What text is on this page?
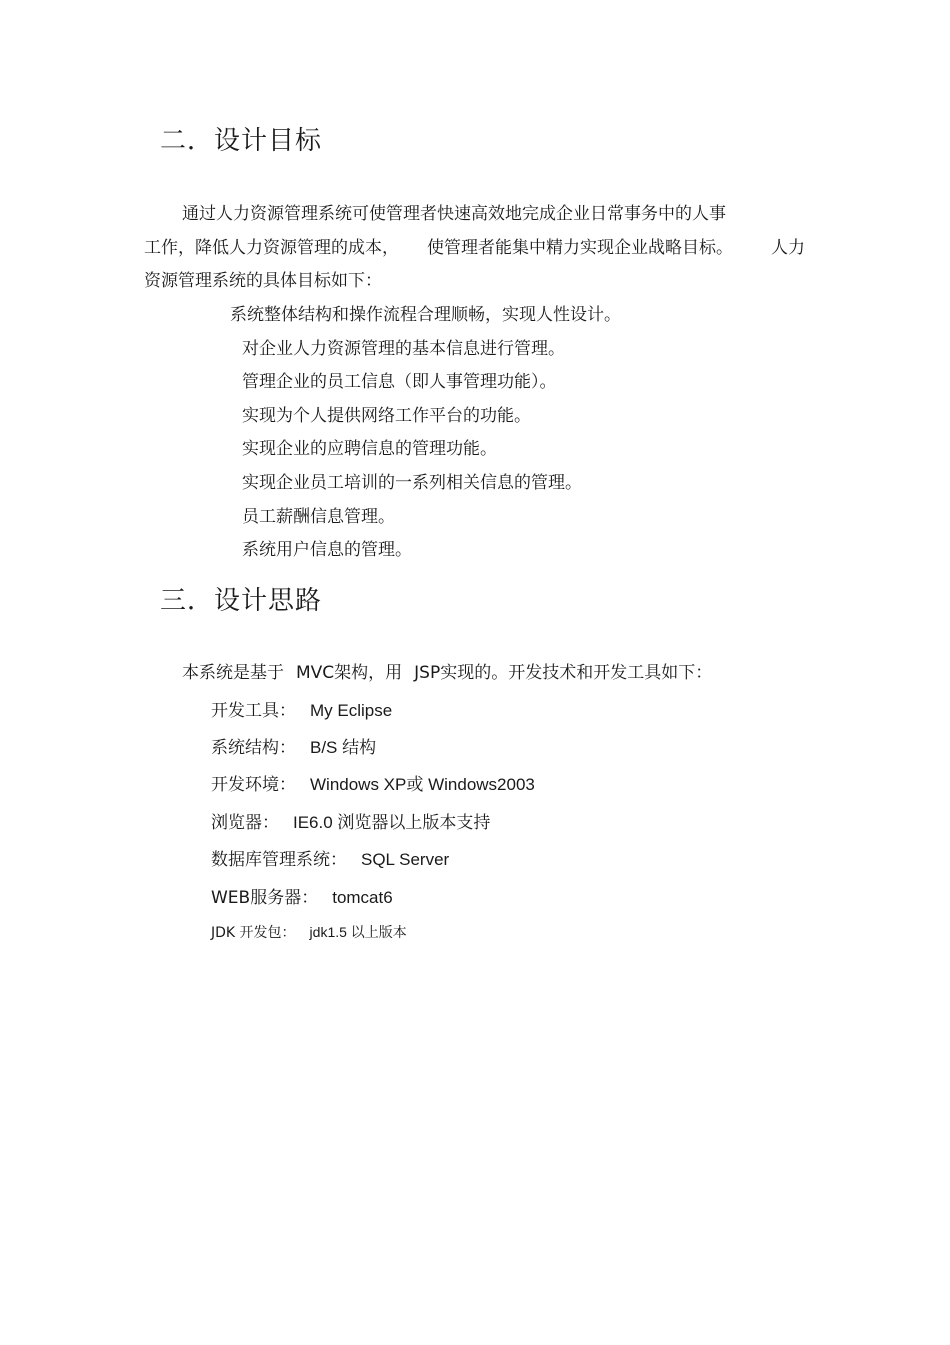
二．设计目标
通过人力资源管理系统可使管理者快速高效地完成企业日常事务中的人事
工作，降低人力资源管理的成本， 使管理者能集中精力实现企业战略目标。 人力
资源管理系统的具体目标如下：
系统整体结构和操作流程合理顺畅，实现人性设计。
对企业人力资源管理的基本信息进行管理。
管理企业的员工信息（即人事管理功能）。
实现为个人提供网络工作平台的功能。
实现企业的应聘信息的管理功能。
实现企业员工培训的一系列相关信息的管理。
员工薪酬信息管理。
系统用户信息的管理。
三．设计思路
本系统是基于 MVC架构，用 JSP实现的。开发技术和开发工具如下：
开发工具： My Eclipse
系统结构： B/S 结构
开发环境： Windows XP或 Windows2003
浏览器： IE6.0 浏览器以上版本支持
数据库管理系统： SQL Server
WEB服务器： tomcat6
JDK 开发包： jdk1.5 以上版本
